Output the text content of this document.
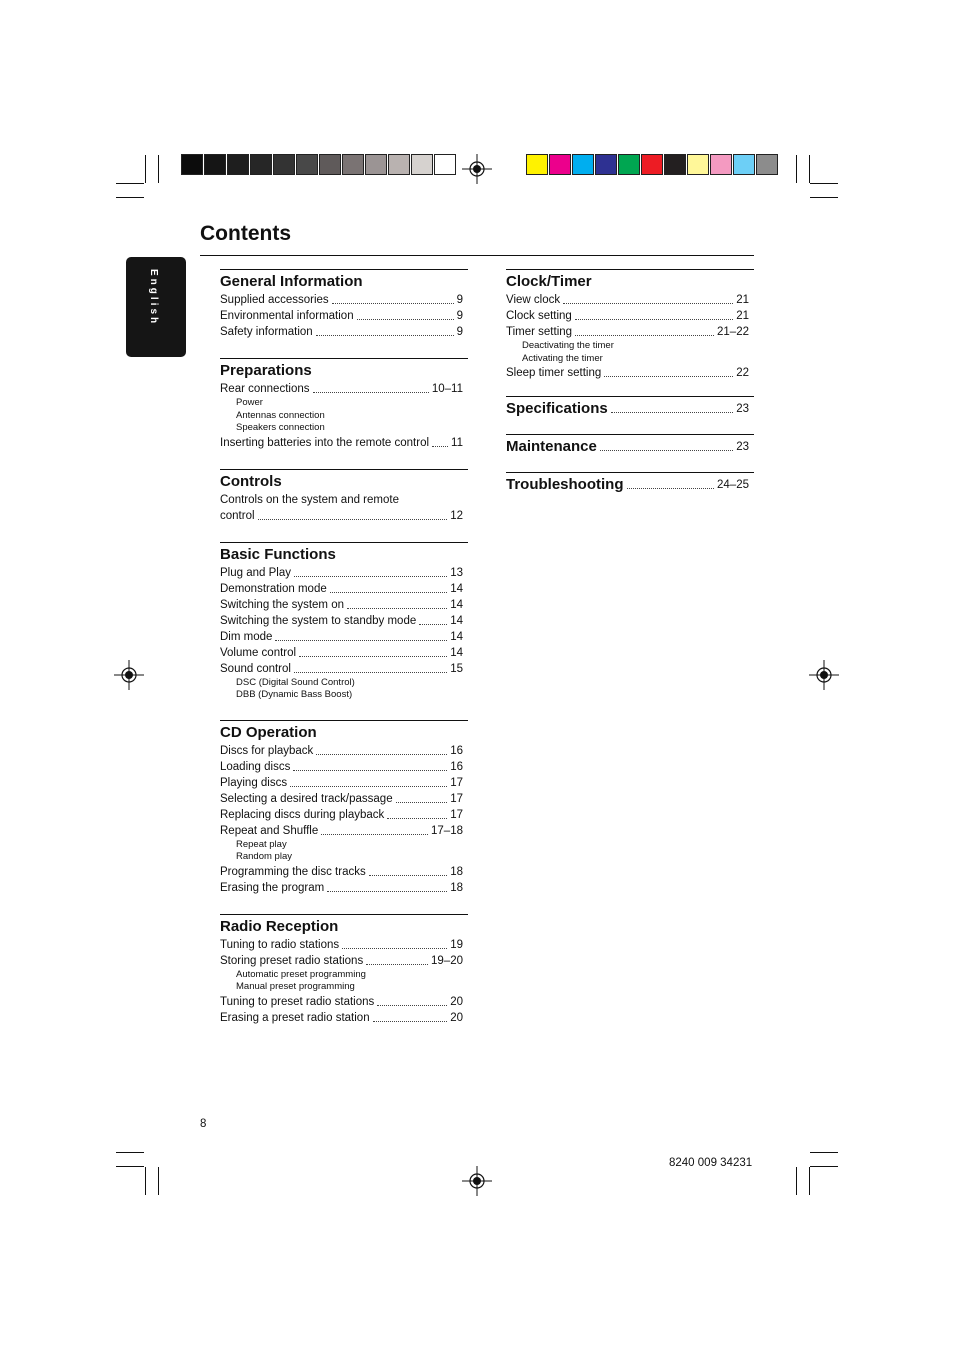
English
Contents
General Information
Supplied accessories	9
Environmental information	9
Safety information	9
Preparations
Rear connections	10–11
Power
Antennas connection
Speakers connection
Inserting batteries into the remote control 11
Controls
Controls on the system and remote
control	12
Basic Functions
Plug and Play	13
Demonstration mode	14
Switching the system on	14
Switching the system to standby mode	14
Dim mode	14
Volume control	14
Sound control	15
DSC (Digital Sound Control)
DBB (Dynamic Bass Boost)
CD Operation
Discs for playback	16
Loading discs	16
Playing discs	17
Selecting a desired track/passage	17
Replacing discs during playback	17
Repeat and Shuffle	17–18
Repeat play
Random play
Programming the disc tracks	18
Erasing the program	18
Radio Reception
Tuning to radio stations	19
Storing preset radio stations	19–20
Automatic preset programming
Manual preset programming
Tuning to preset radio stations	20
Erasing a preset radio station	20
Clock/Timer
View clock	21
Clock setting	21
Timer setting	21–22
Deactivating the timer
Activating the timer
Sleep timer setting	22
Specifications	23
Maintenance	23
Troubleshooting	24–25
8
8240 009 34231
